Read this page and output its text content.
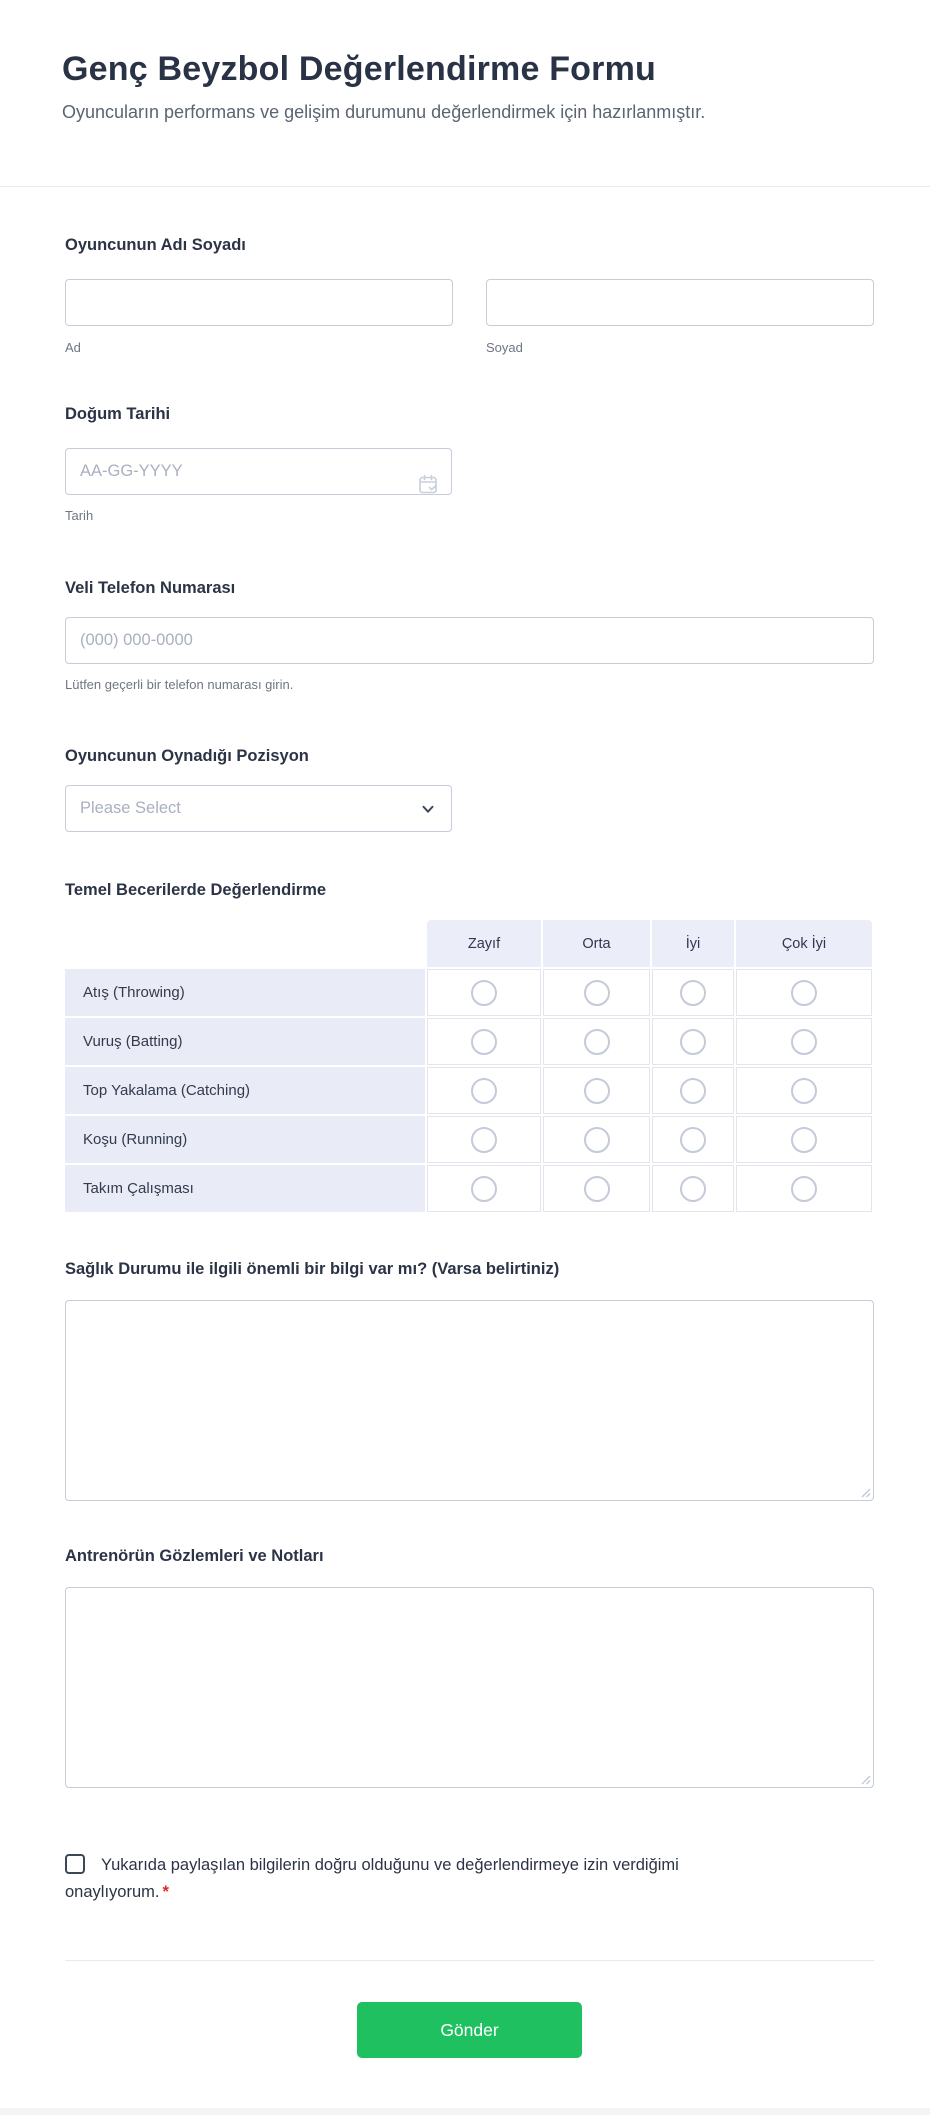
Genç Beyzbol Değerlendirme Formu
Oyuncuların performans ve gelişim durumunu değerlendirmek için hazırlanmıştır.
Oyuncunun Adı Soyadı
Ad	Soyad
Doğum Tarihi
AA-GG-YYYY
Tarih
Veli Telefon Numarası
(000) 000-0000
Lütfen geçerli bir telefon numarası girin.
Oyuncunun Oynadığı Pozisyon
Please Select
Temel Becerilerde Değerlendirme
Zayıf	Orta	İyi	Çok İyi
Atış (Throwing)
Vuruş (Batting)
Top Yakalama (Catching)
Koşu (Running)
Takım Çalışması
Sağlık Durumu ile ilgili önemli bir bilgi var mı? (Varsa belirtiniz)
Antrenörün Gözlemleri ve Notları
Yukarıda paylaşılan bilgilerin doğru olduğunu ve değerlendirmeye izin verdiğimi onaylıyorum. *
Gönder
